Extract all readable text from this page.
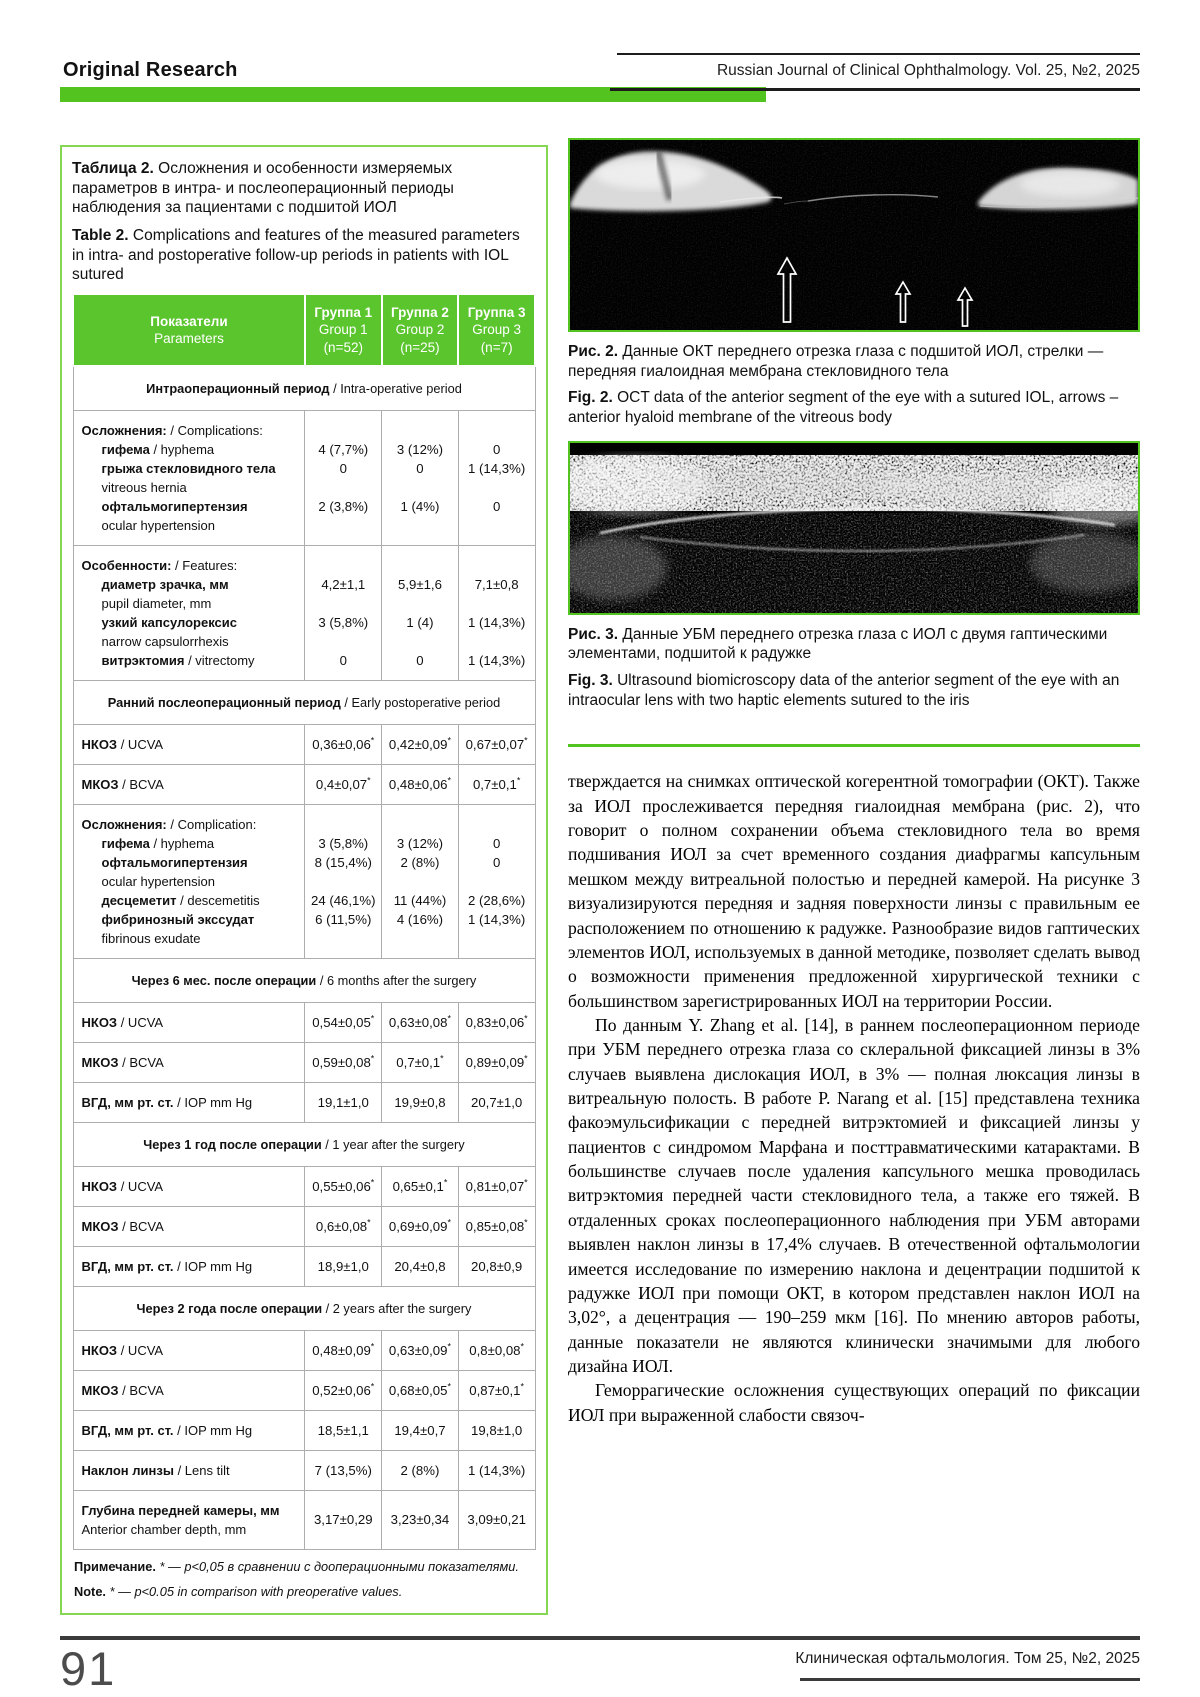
Original Research	Russian Journal of Clinical Ophthalmology. Vol. 25, №2, 2025

Таблица 2. Осложнения и особенности измеряемых параметров в интра- и послеоперационный периоды наблюдения за пациентами с подшитой ИОЛ

Table 2. Complications and features of the measured parameters in intra- and postoperative follow-up periods in patients with IOL sutured

Показатели
Parameters

Группа 1
Group 1
(n=52)

Группа 2
Group 2
(n=25)

Группа 3
Group 3
(n=7)

Интраоперационный период / Intra-operative period			
Осложнения: / Complications:			
гифема / hyphema	4 (7,7%)	3 (12%)	0
грыжа стекловидного тела	0	0	1 (14,3%)
vitreous hernia			
офтальмогипертензия	2 (3,8%)	1 (4%)	0
ocular hypertension			
Особенности: / Features:			
диаметр зрачка, мм	4,2±1,1	5,9±1,6	7,1±0,8
pupil diameter, mm			
узкий капсулорексис	3 (5,8%)	1 (4)	1 (14,3%)
narrow capsulorrhexis			
витрэктомия / vitrectomy	0	0	1 (14,3%)
Ранний послеоперационный период / Early postoperative period			
НКОЗ / UCVA	0,36±0,06*	0,42±0,09*	0,67±0,07*
МКОЗ / BCVA	0,4±0,07*	0,48±0,06*	0,7±0,1*
Осложнения: / Complication:			
гифема / hyphema	3 (5,8%)	3 (12%)	0
офтальмогипертензия	8 (15,4%)	2 (8%)	0
ocular hypertension			
десцеметит / descemetitis	24 (46,1%)	11 (44%)	2 (28,6%)
фибринозный экссудат	6 (11,5%)	4 (16%)	1 (14,3%)
fibrinous exudate			
Через 6 мес. после операции / 6 months after the surgery			
НКОЗ / UCVA	0,54±0,05*	0,63±0,08*	0,83±0,06*
МКОЗ / BCVA	0,59±0,08*	0,7±0,1*	0,89±0,09*
ВГД, мм рт. ст. / IOP mm Hg	19,1±1,0	19,9±0,8	20,7±1,0
Через 1 год после операции / 1 year after the surgery			
НКОЗ / UCVA	0,55±0,06*	0,65±0,1*	0,81±0,07*
МКОЗ / BCVA	0,6±0,08*	0,69±0,09*	0,85±0,08*
ВГД, мм рт. ст. / IOP mm Hg	18,9±1,0	20,4±0,8	20,8±0,9
Через 2 года после операции / 2 years after the surgery			
НКОЗ / UCVA	0,48±0,09*	0,63±0,09*	0,8±0,08*
МКОЗ / BCVA	0,52±0,06*	0,68±0,05*	0,87±0,1*
ВГД, мм рт. ст. / IOP mm Hg	18,5±1,1	19,4±0,7	19,8±1,0
Наклон линзы / Lens tilt	7 (13,5%)	2 (8%)	1 (14,3%)
Глубина передней камеры, мм
Anterior chamber depth, mm	3,17±0,29	3,23±0,34	3,09±0,21

Примечание. * — p<0,05 в сравнении с дооперационными показателями.

Note. * — p<0.05 in comparison with preoperative values.

Рис. 2. Данные ОКТ переднего отрезка глаза с подшитой ИОЛ, стрелки — передняя гиалоидная мембрана стекловидного тела

Fig. 2. OCT data of the anterior segment of the eye with a sutured IOL, arrows – anterior hyaloid membrane of the vitreous body

Рис. 3. Данные УБМ переднего отрезка глаза с ИОЛ с двумя гаптическими элементами, подшитой к радужке

Fig. 3. Ultrasound biomicroscopy data of the anterior segment of the eye with an intraocular lens with two haptic elements sutured to the iris

тверждается на снимках оптической когерентной томографии (ОКТ). Также за ИОЛ прослеживается передняя гиалоидная мембрана (рис. 2), что говорит о полном сохранении объема стекловидного тела во время подшивания ИОЛ за счет временного создания диафрагмы капсульным мешком между витреальной полостью и передней камерой. На рисунке 3 визуализируются передняя и задняя поверхности линзы с правильным ее расположением по отношению к радужке. Разнообразие видов гаптических элементов ИОЛ, используемых в данной методике, позволяет сделать вывод о возможности применения предложенной хирургической техники с большинством зарегистрированных ИОЛ на территории России.

По данным Y. Zhang et al. [14], в раннем послеоперационном периоде при УБМ переднего отрезка глаза со склеральной фиксацией линзы в 3% случаев выявлена дислокация ИОЛ, в 3% — полная люксация линзы в витреальную полость. В работе P. Narang et al. [15] представлена техника факоэмульсификации с передней витрэктомией и фиксацией линзы у пациентов с синдромом Марфана и посттравматическими катарактами. В большинстве случаев после удаления капсульного мешка проводилась витрэктомия передней части стекловидного тела, а также его тяжей. В отдаленных сроках послеоперационного наблюдения при УБМ авторами выявлен наклон линзы в 17,4% случаев. В отечественной офтальмологии имеется исследование по измерению наклона и децентрации подшитой к радужке ИОЛ при помощи ОКТ, в котором представлен наклон ИОЛ на 3,02°, а децентрация — 190–259 мкм [16]. По мнению авторов работы, данные показатели не являются клинически значимыми для любого дизайна ИОЛ.

Геморрагические осложнения существующих операций по фиксации ИОЛ при выраженной слабости связоч-

91	Клиническая офтальмология. Том 25, №2, 2025
